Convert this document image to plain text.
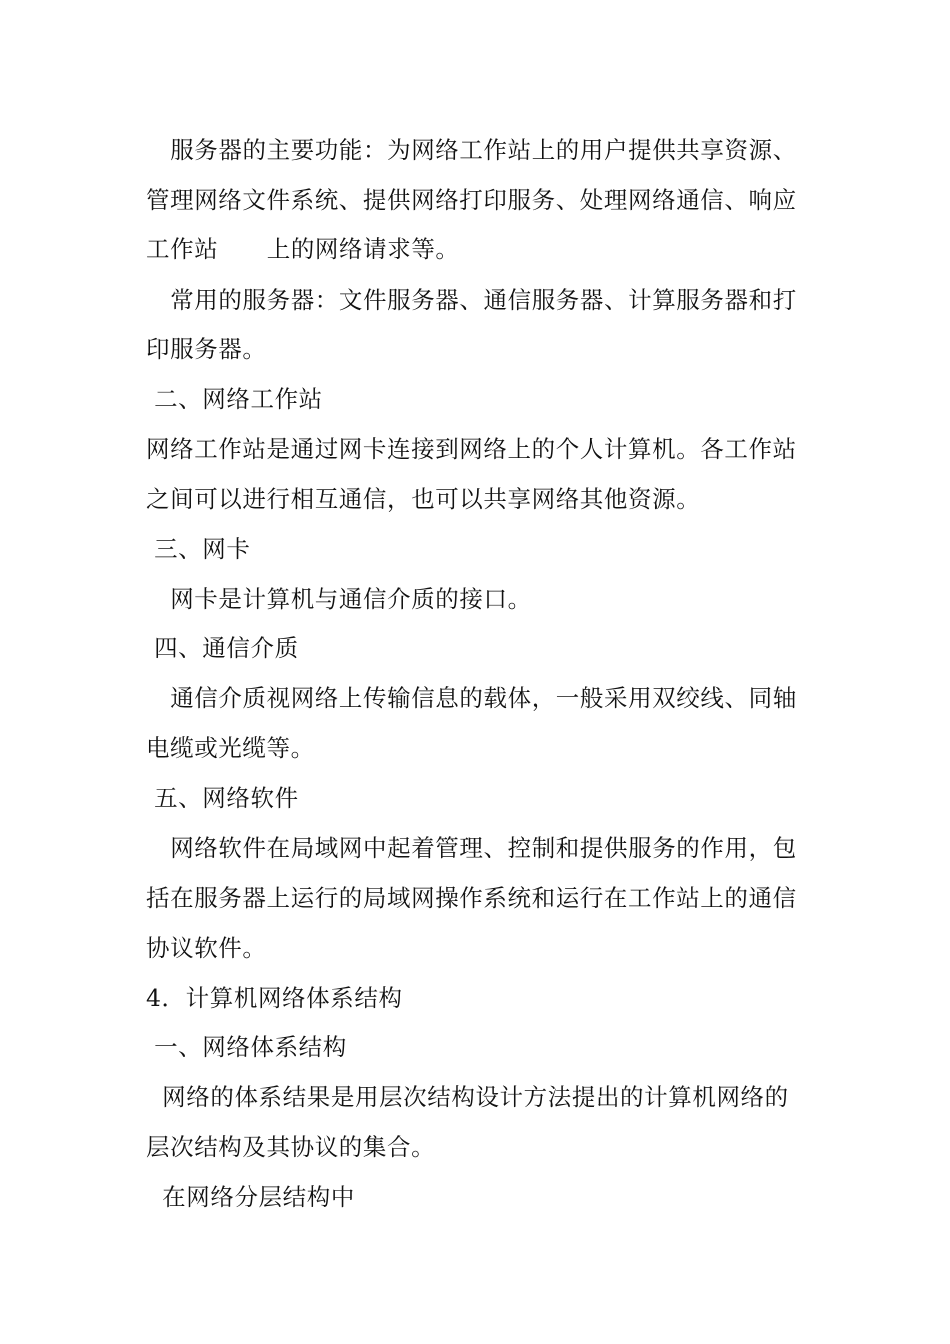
服务器的主要功能：为网络工作站上的用户提供共享资源、
管理网络文件系统、提供网络打印服务、处理网络通信、响应
工作站      上的网络请求等。
常用的服务器：文件服务器、通信服务器、计算服务器和打
印服务器。
二、网络工作站
网络工作站是通过网卡连接到网络上的个人计算机。各工作站
之间可以进行相互通信，也可以共享网络其他资源。
三、网卡
网卡是计算机与通信介质的接口。
四、通信介质
通信介质视网络上传输信息的载体，一般采用双绞线、同轴
电缆或光缆等。
五、网络软件
网络软件在局域网中起着管理、控制和提供服务的作用，包
括在服务器上运行的局域网操作系统和运行在工作站上的通信
协议软件。
4．计算机网络体系结构
一、网络体系结构
网络的体系结果是用层次结构设计方法提出的计算机网络的
层次结构及其协议的集合。
在网络分层结构中
